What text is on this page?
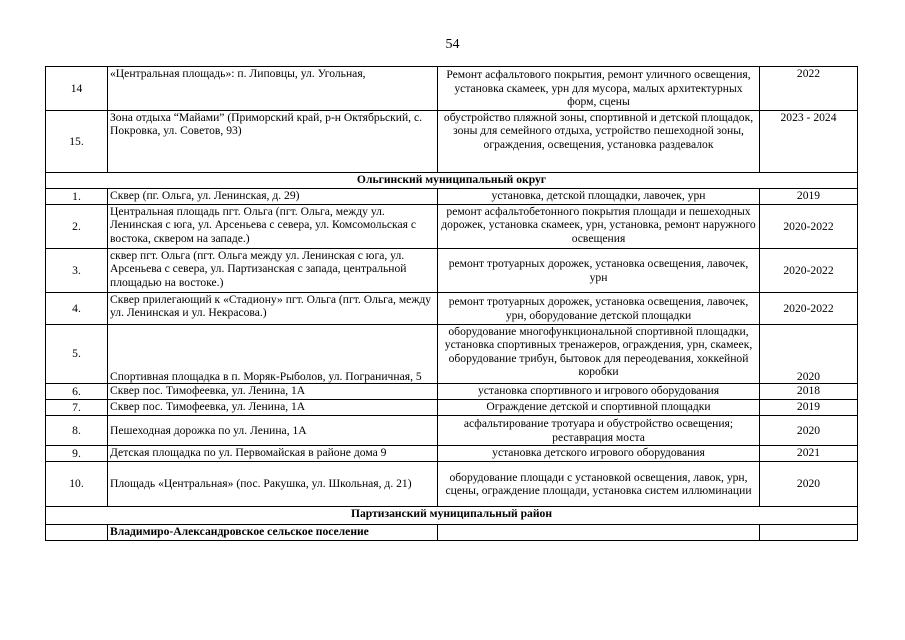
54
14	«Центральная площадь»: п. Липовцы, ул. Угольная,	Ремонт асфальтового покрытия, ремонт уличного освещения, установка скамеек, урн для мусора, малых архитектурных форм, сцены	2022
15.	Зона отдыха “Майами” (Приморский край, р-н Октябрьский, с. Покровка, ул. Советов, 93)	обустройство пляжной зоны, спортивной и детской площадок, зоны для семейного отдыха, устройство пешеходной зоны, ограждения, освещения, установка раздевалок	2023 - 2024
Ольгинский муниципальный округ			
1.	Сквер (пг. Ольга, ул. Ленинская, д. 29)	установка, детской площадки, лавочек, урн	2019
2.	Центральная площадь пгт. Ольга (пгт. Ольга, между ул. Ленинская с юга, ул. Арсеньева с севера, ул. Комсомольская с востока, сквером на западе.)	ремонт асфальтобетонного покрытия площади и пешеходных дорожек, установка скамеек, урн, установка, ремонт наружного освещения	2020-2022
3.	сквер пгт. Ольга (пгт. Ольга между ул. Ленинская с юга, ул. Арсеньева с севера, ул. Партизанская с запада, центральной площадью на востоке.)	ремонт тротуарных дорожек, установка освещения, лавочек, урн	2020-2022
4.	Сквер прилегающий к «Стадиону» пгт. Ольга (пгт. Ольга, между ул. Ленинская и ул. Некрасова.)	ремонт тротуарных дорожек, установка освещения, лавочек, урн, оборудование детской площадки	2020-2022
5.	Спортивная площадка в п. Моряк-Рыболов, ул. Пограничная, 5	оборудование многофункциональной спортивной площадки, установка спортивных тренажеров, ограждения, урн, скамеек, оборудование трибун, бытовок для переодевания, хоккейной коробки	2020
6.	Сквер пос. Тимофеевка, ул. Ленина, 1А	установка спортивного и игрового оборудования	2018
7.	Сквер пос. Тимофеевка, ул. Ленина, 1А	Ограждение детской и спортивной площадки	2019
8.	Пешеходная дорожка по ул. Ленина, 1А	асфальтирование тротуара и обустройство освещения; реставрация моста	2020
9.	Детская площадка по ул. Первомайская в районе дома 9	установка детского игрового оборудования	2021
10.	Площадь «Центральная» (пос. Ракушка, ул. Школьная, д. 21)	оборудование площади с установкой освещения, лавок, урн, сцены, ограждение площади, установка систем иллюминации	2020
Партизанский муниципальный район			
	Владимиро-Александровское сельское поселение		
